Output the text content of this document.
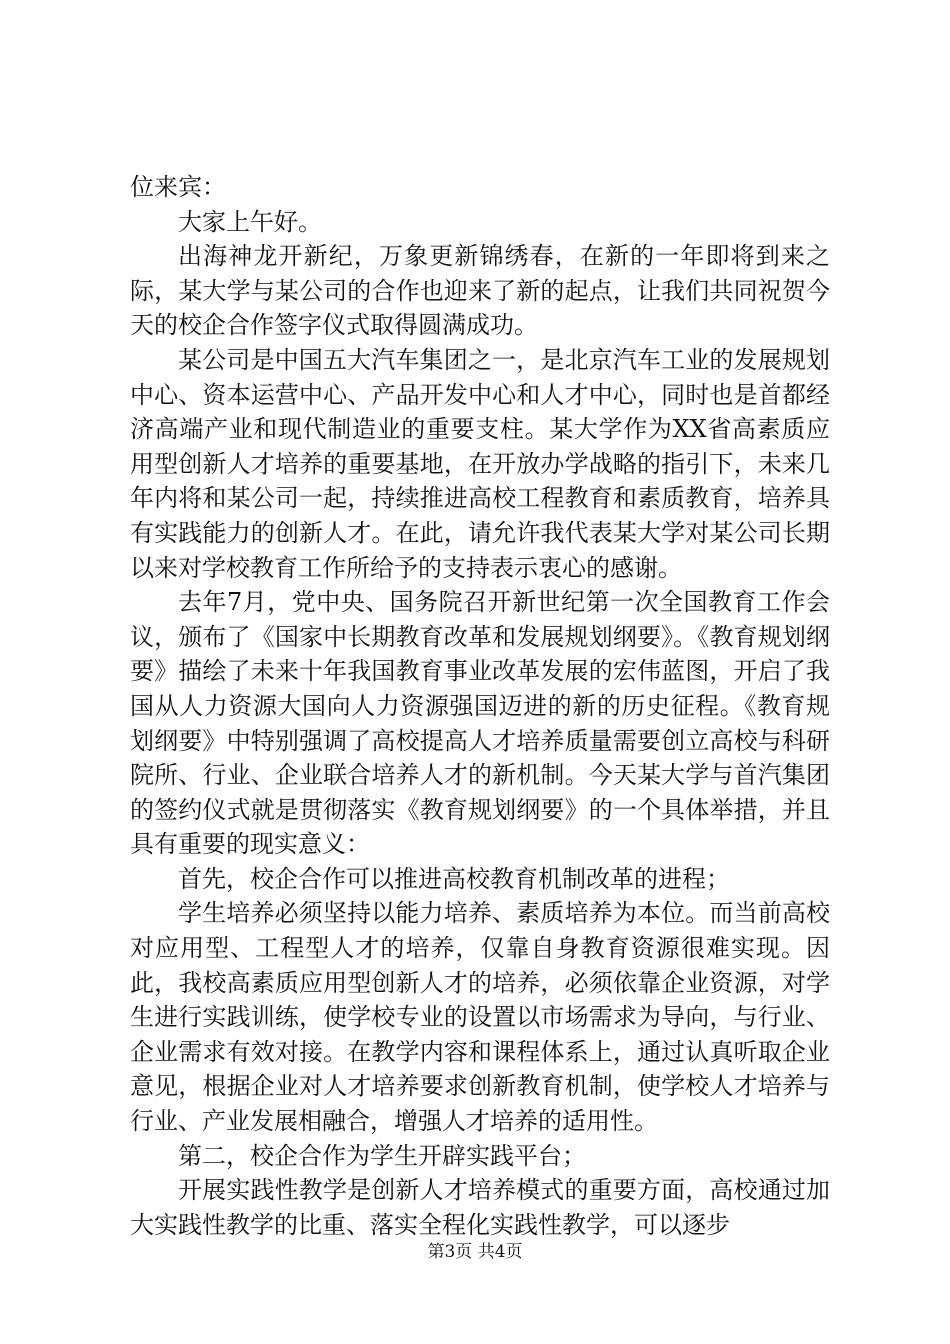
位来宾：

大家上午好。

出海神龙开新纪，万象更新锦绣春，在新的一年即将到来之际，某大学与某公司的合作也迎来了新的起点，让我们共同祝贺今天的校企合作签字仪式取得圆满成功。

某公司是中国五大汽车集团之一，是北京汽车工业的发展规划中心、资本运营中心、产品开发中心和人才中心，同时也是首都经济高端产业和现代制造业的重要支柱。某大学作为XX省高素质应用型创新人才培养的重要基地，在开放办学战略的指引下，未来几年内将和某公司一起，持续推进高校工程教育和素质教育，培养具有实践能力的创新人才。在此，请允许我代表某大学对某公司长期以来对学校教育工作所给予的支持表示衷心的感谢。

去年7月，党中央、国务院召开新世纪第一次全国教育工作会议，颁布了《国家中长期教育改革和发展规划纲要》。《教育规划纲要》描绘了未来十年我国教育事业改革发展的宏伟蓝图，开启了我国从人力资源大国向人力资源强国迈进的新的历史征程。《教育规划纲要》中特别强调了高校提高人才培养质量需要创立高校与科研院所、行业、企业联合培养人才的新机制。今天某大学与首汽集团的签约仪式就是贯彻落实《教育规划纲要》的一个具体举措，并且具有重要的现实意义：

首先，校企合作可以推进高校教育机制改革的进程；

学生培养必须坚持以能力培养、素质培养为本位。而当前高校对应用型、工程型人才的培养，仅靠自身教育资源很难实现。因此，我校高素质应用型创新人才的培养，必须依靠企业资源，对学生进行实践训练，使学校专业的设置以市场需求为导向，与行业、企业需求有效对接。在教学内容和课程体系上，通过认真听取企业意见，根据企业对人才培养要求创新教育机制，使学校人才培养与行业、产业发展相融合，增强人才培养的适用性。

第二，校企合作为学生开辟实践平台；

开展实践性教学是创新人才培养模式的重要方面，高校通过加大实践性教学的比重、落实全程化实践性教学，可以逐步

第3页 共4页
